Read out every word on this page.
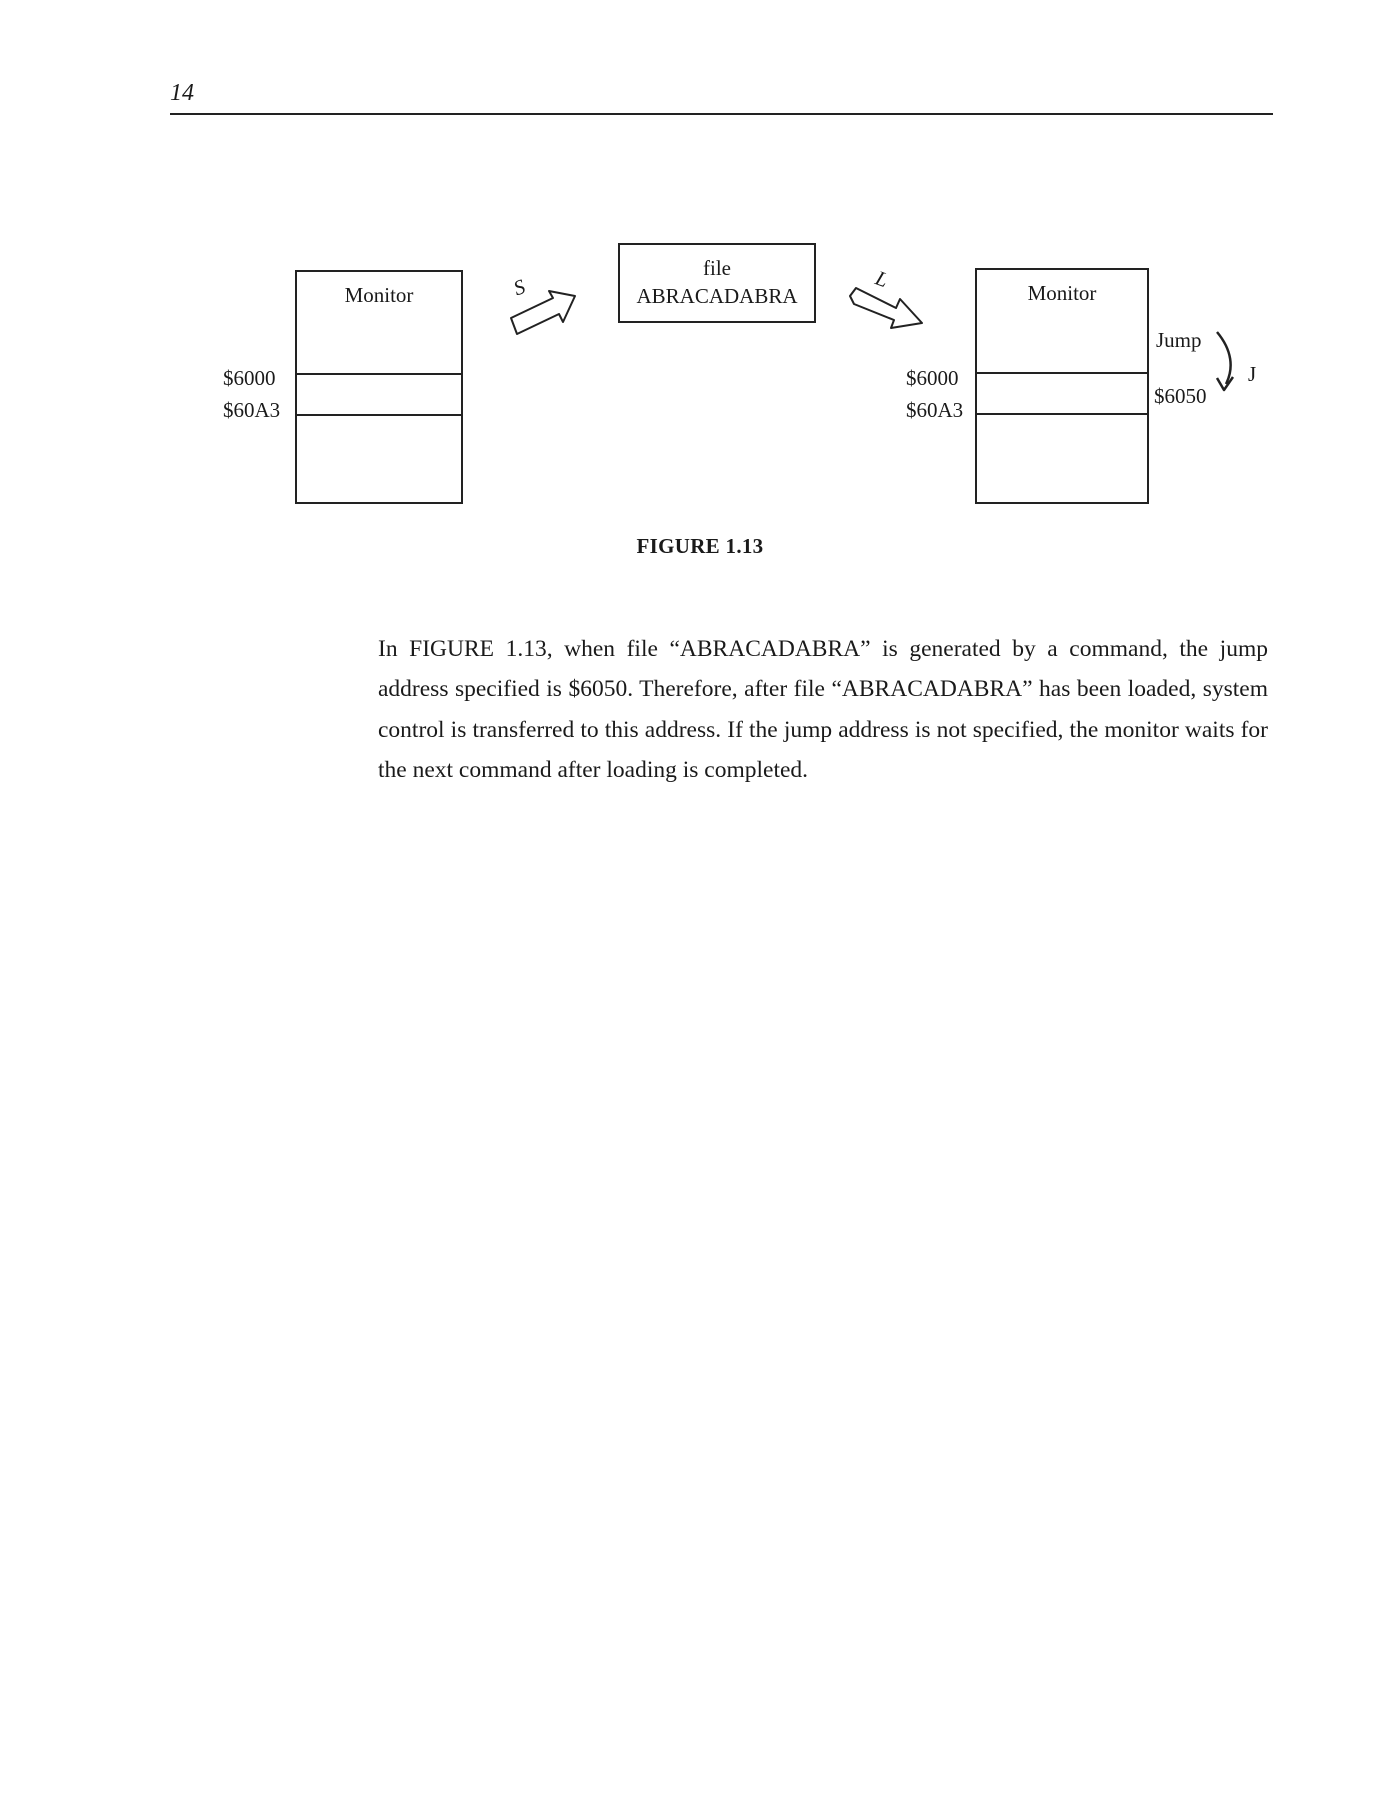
14
Monitor
$6000
$60A3
S
file
ABRACADABRA
L
Monitor
$6000
$60A3
Jump
$6050
J
FIGURE 1.13

In FIGURE 1.13, when file “ABRACADABRA” is generated by a command, the jump address specified is $6050. Therefore, after file “ABRACADABRA” has been loaded, system control is transferred to this address. If the jump address is not specified, the monitor waits for the next command after loading is completed.
